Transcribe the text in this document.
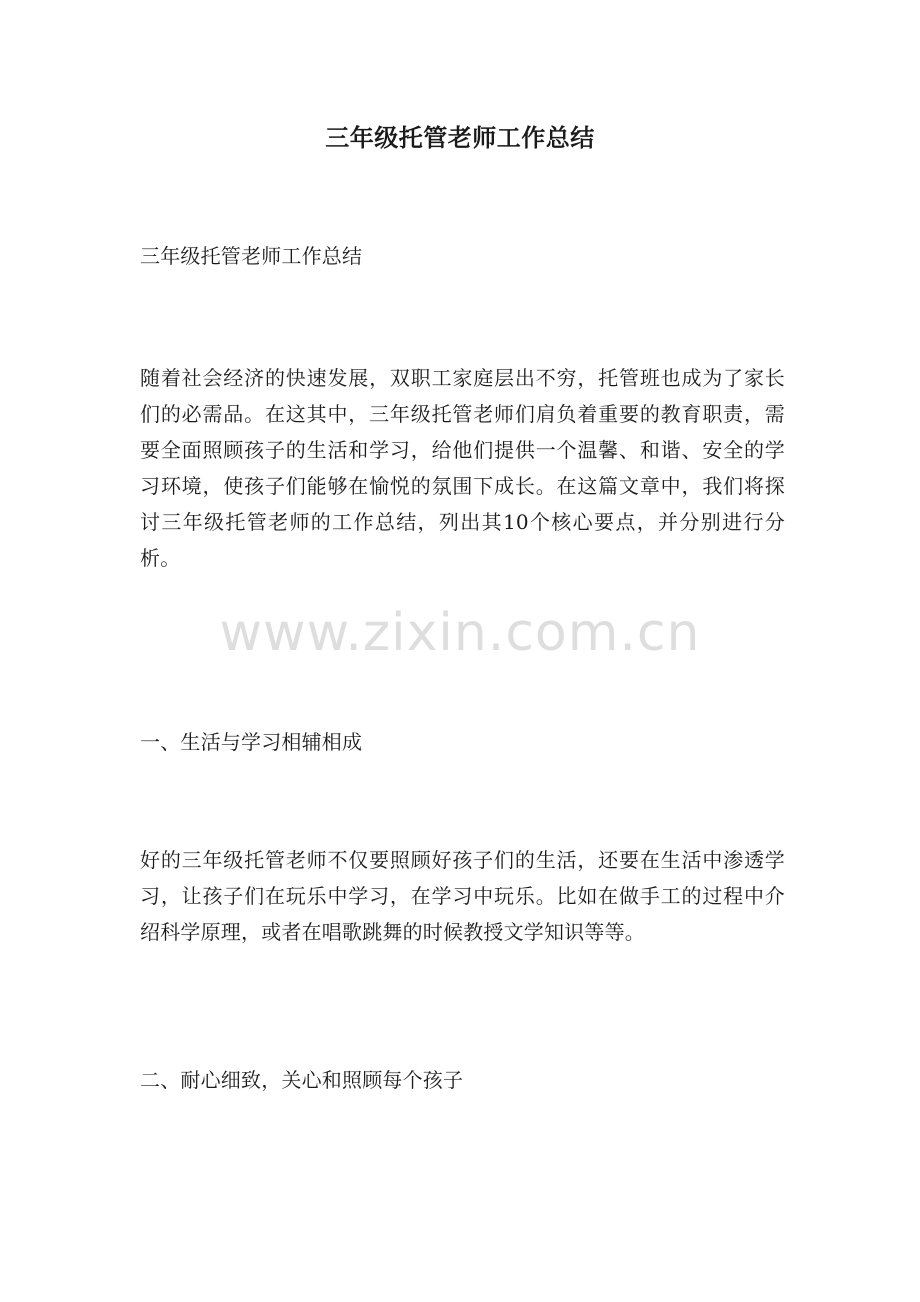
三年级托管老师工作总结
三年级托管老师工作总结
随着社会经济的快速发展，双职工家庭层出不穷，托管班也成为了家长们的必需品。在这其中，三年级托管老师们肩负着重要的教育职责，需要全面照顾孩子的生活和学习，给他们提供一个温馨、和谐、安全的学习环境，使孩子们能够在愉悦的氛围下成长。在这篇文章中，我们将探讨三年级托管老师的工作总结，列出其10个核心要点，并分别进行分析。
一、生活与学习相辅相成
好的三年级托管老师不仅要照顾好孩子们的生活，还要在生活中渗透学习，让孩子们在玩乐中学习，在学习中玩乐。比如在做手工的过程中介绍科学原理，或者在唱歌跳舞的时候教授文学知识等等。
二、耐心细致，关心和照顾每个孩子
www.zixin.com.cn
